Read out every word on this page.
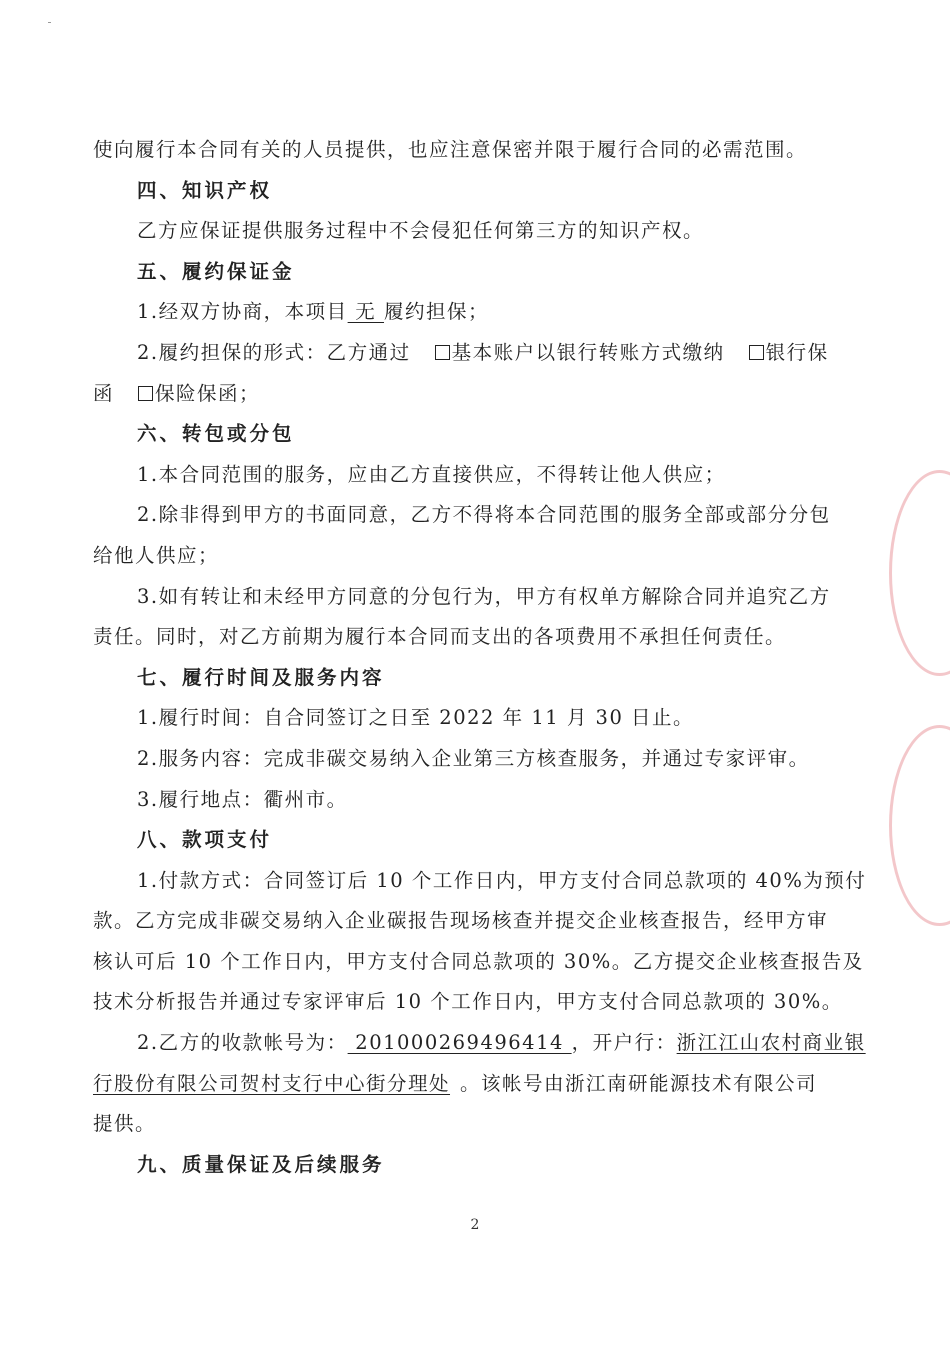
使向履行本合同有关的人员提供，也应注意保密并限于履行合同的必需范围。
四、知识产权
乙方应保证提供服务过程中不会侵犯任何第三方的知识产权。
五、履约保证金
1.经双方协商，本项目 无 履约担保；
2.履约担保的形式：乙方通过 基本账户以银行转账方式缴纳 银行保
函 保险保函；
六、转包或分包
1.本合同范围的服务，应由乙方直接供应，不得转让他人供应；
2.除非得到甲方的书面同意，乙方不得将本合同范围的服务全部或部分分包
给他人供应；
3.如有转让和未经甲方同意的分包行为，甲方有权单方解除合同并追究乙方
责任。同时，对乙方前期为履行本合同而支出的各项费用不承担任何责任。
七、履行时间及服务内容
1.履行时间：自合同签订之日至 2022 年 11 月 30 日止。
2.服务内容：完成非碳交易纳入企业第三方核查服务，并通过专家评审。
3.履行地点：衢州市。
八、款项支付
1.付款方式：合同签订后 10 个工作日内，甲方支付合同总款项的 40%为预付
款。乙方完成非碳交易纳入企业碳报告现场核查并提交企业核查报告，经甲方审
核认可后 10 个工作日内，甲方支付合同总款项的 30%。乙方提交企业核查报告及
技术分析报告并通过专家评审后 10 个工作日内，甲方支付合同总款项的 30%。
2.乙方的收款帐号为： 201000269496414 ，开户行：浙江江山农村商业银
行股份有限公司贺村支行中心街分理处 。该帐号由浙江南研能源技术有限公司
提供。
九、质量保证及后续服务
2
